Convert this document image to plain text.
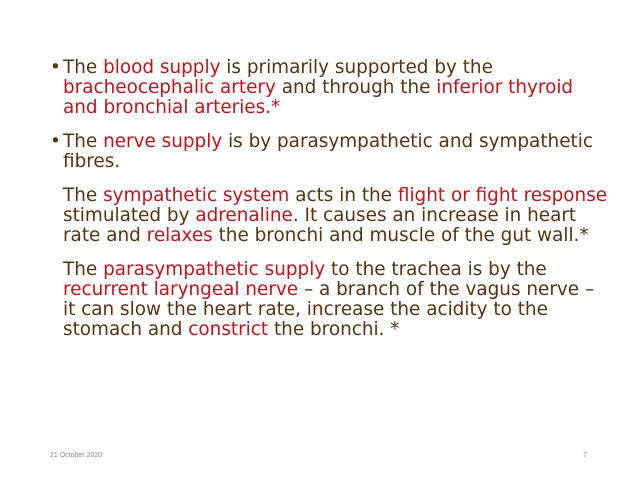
• The blood supply is primarily supported by the bracheocephalic artery and through the inferior thyroid and bronchial arteries.*
• The nerve supply is by parasympathetic and sympathetic fibres.
The sympathetic system acts in the flight or fight response stimulated by adrenaline. It causes an increase in heart rate and relaxes the bronchi and muscle of the gut wall.*
The parasympathetic supply to the trachea is by the recurrent laryngeal nerve – a branch of the vagus nerve – it can slow the heart rate, increase the acidity to the stomach and constrict the bronchi. *
21 October 2020	7
